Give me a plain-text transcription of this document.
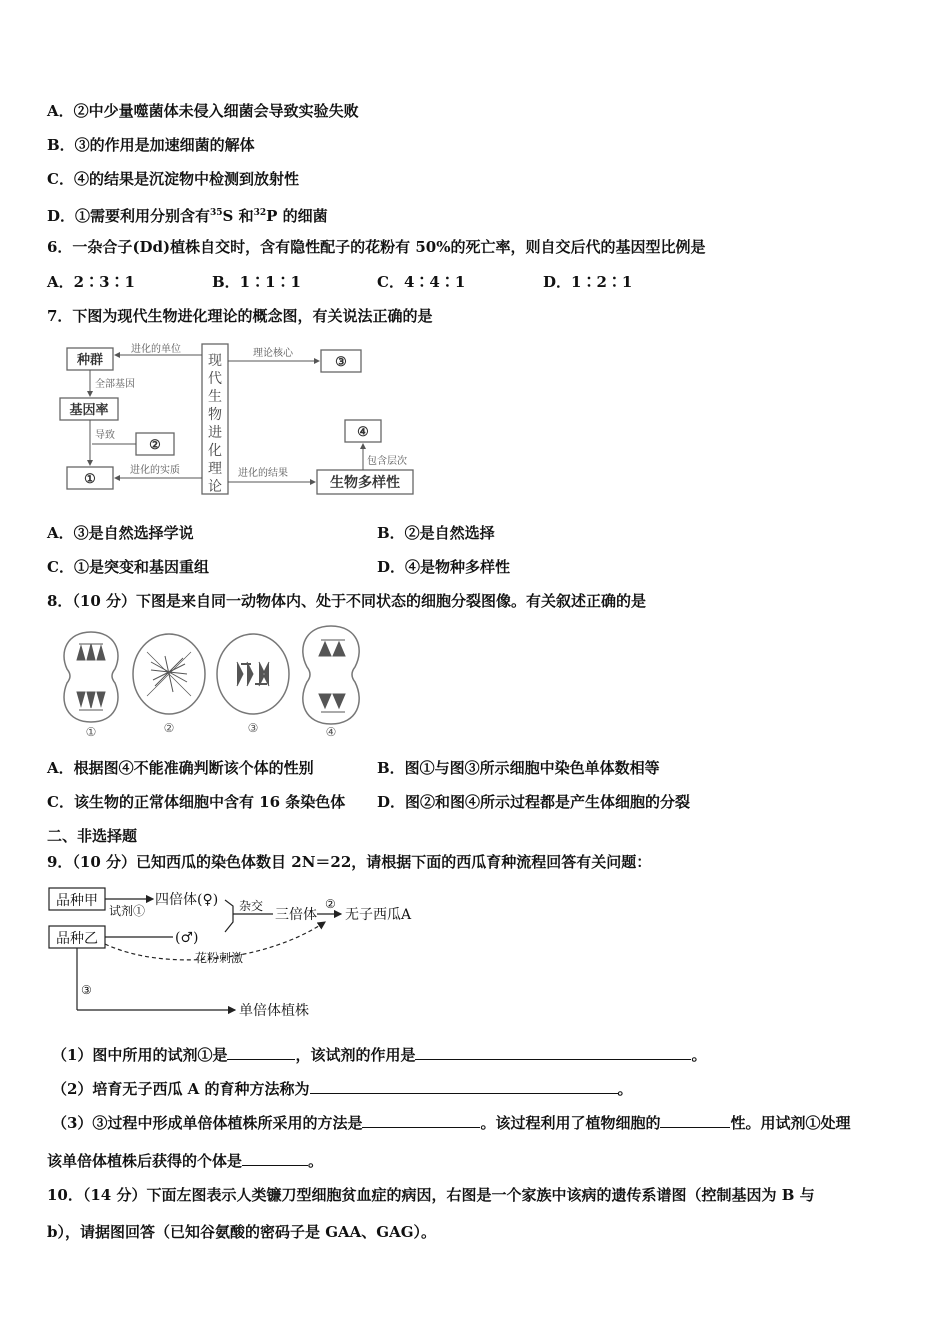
A．②中少量噬菌体未侵入细菌会导致实验失败
B．③的作用是加速细菌的解体
C．④的结果是沉淀物中检测到放射性
D．①需要利用分别含有$^{35}$S 和$^{32}$P 的细菌
6．一杂合子(Dd)植株自交时，含有隐性配子的花粉有 50%的死亡率，则自交后代的基因型比例是
A．2∶3∶1	B．1∶1∶1	C．4∶4∶1	D．1∶2∶1
7．下图为现代生物进化理论的概念图，有关说法正确的是
种群
基因率
②
①
③
④
生物多样性
现
代
生
物
进
化
理
论
进化的单位
全部基因
导致
进化的实质
理论核心
进化的结果
包含层次
A．③是自然选择学说	B．②是自然选择
C．①是突变和基因重组	D．④是物种多样性
8．（10 分）下图是来自同一动物体内、处于不同状态的细胞分裂图像。有关叙述正确的是
①	②	③	④
A．根据图④不能准确判断该个体的性别	B．图①与图③所示细胞中染色单体数相等
C．该生物的正常体细胞中含有 16 条染色体 D．图②和图④所示过程都是产生体细胞的分裂
二、非选择题
9．（10 分）已知西瓜的染色体数目 2N＝22，请根据下面的西瓜育种流程回答有关问题：
品种甲
品种乙
四倍体(♀)
(♂)
三倍体 无子西瓜A
单倍体植株
试剂①	杂交	②
花粉刺激
③
（1）图中所用的试剂①是	，该试剂的作用是	。
（2）培育无子西瓜 A 的育种方法称为	。
（3）③过程中形成单倍体植株所采用的方法是	。该过程利用了植物细胞的	性。用试剂①处理
该单倍体植株后获得的个体是	。
10．（14 分）下面左图表示人类镰刀型细胞贫血症的病因，右图是一个家族中该病的遗传系谱图（控制基因为 B 与
b），请据图回答（已知谷氨酸的密码子是 GAA、GAG）。
